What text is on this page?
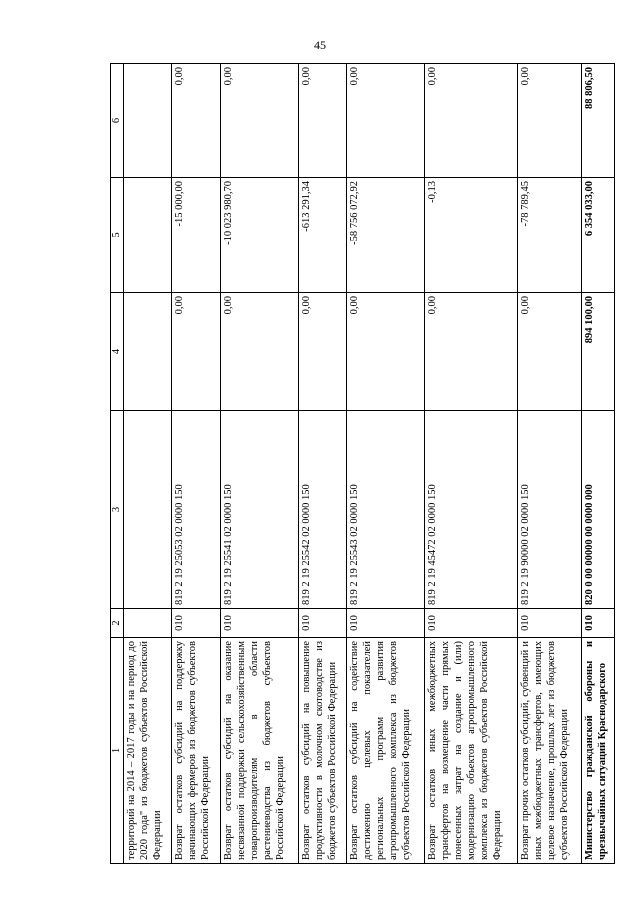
45
1	2	3	4	5	6
территорий на 2014 – 2017 годы и на период до 2020 года" из бюджетов субъектов Российской Федерации					
Возврат остатков субсидий на поддержку начинающих фермеров из бюджетов субъектов Российской Федерации	010	819 2 19 25053 02 0000 150	0,00	-15 000,00	0,00
Возврат остатков субсидий на оказание несвязанной поддержки сельскохозяйственным товаропроизводителям в области растениеводства из бюджетов субъектов Российской Федерации	010	819 2 19 25541 02 0000 150	0,00	-10 023 980,70	0,00
Возврат остатков субсидий на повышение продуктивности в молочном скотоводстве из бюджетов субъектов Российской Федерации	010	819 2 19 25542 02 0000 150	0,00	-613 291,34	0,00
Возврат остатков субсидий на содействие достижению целевых показателей региональных программ развития агропромышленного комплекса из бюджетов субъектов Российской Федерации	010	819 2 19 25543 02 0000 150	0,00	-58 756 072,92	0,00
Возврат остатков иных межбюджетных трансфертов на возмещение части прямых понесенных затрат на создание и (или) модернизацию объектов агропромышленного комплекса из бюджетов субъектов Российской Федерации	010	819 2 19 45472 02 0000 150	0,00	-0,13	0,00
Возврат прочих остатков субсидий, субвенций и иных межбюджетных трансфертов, имеющих целевое назначение, прошлых лет из бюджетов субъектов Российской Федерации	010	819 2 19 90000 02 0000 150	0,00	-78 789,45	0,00
Министерство гражданской обороны и чрезвычайных ситуаций Краснодарского	010	820 0 00 00000 00 0000 000	894 100,00	6 354 033,00	88 806,50
